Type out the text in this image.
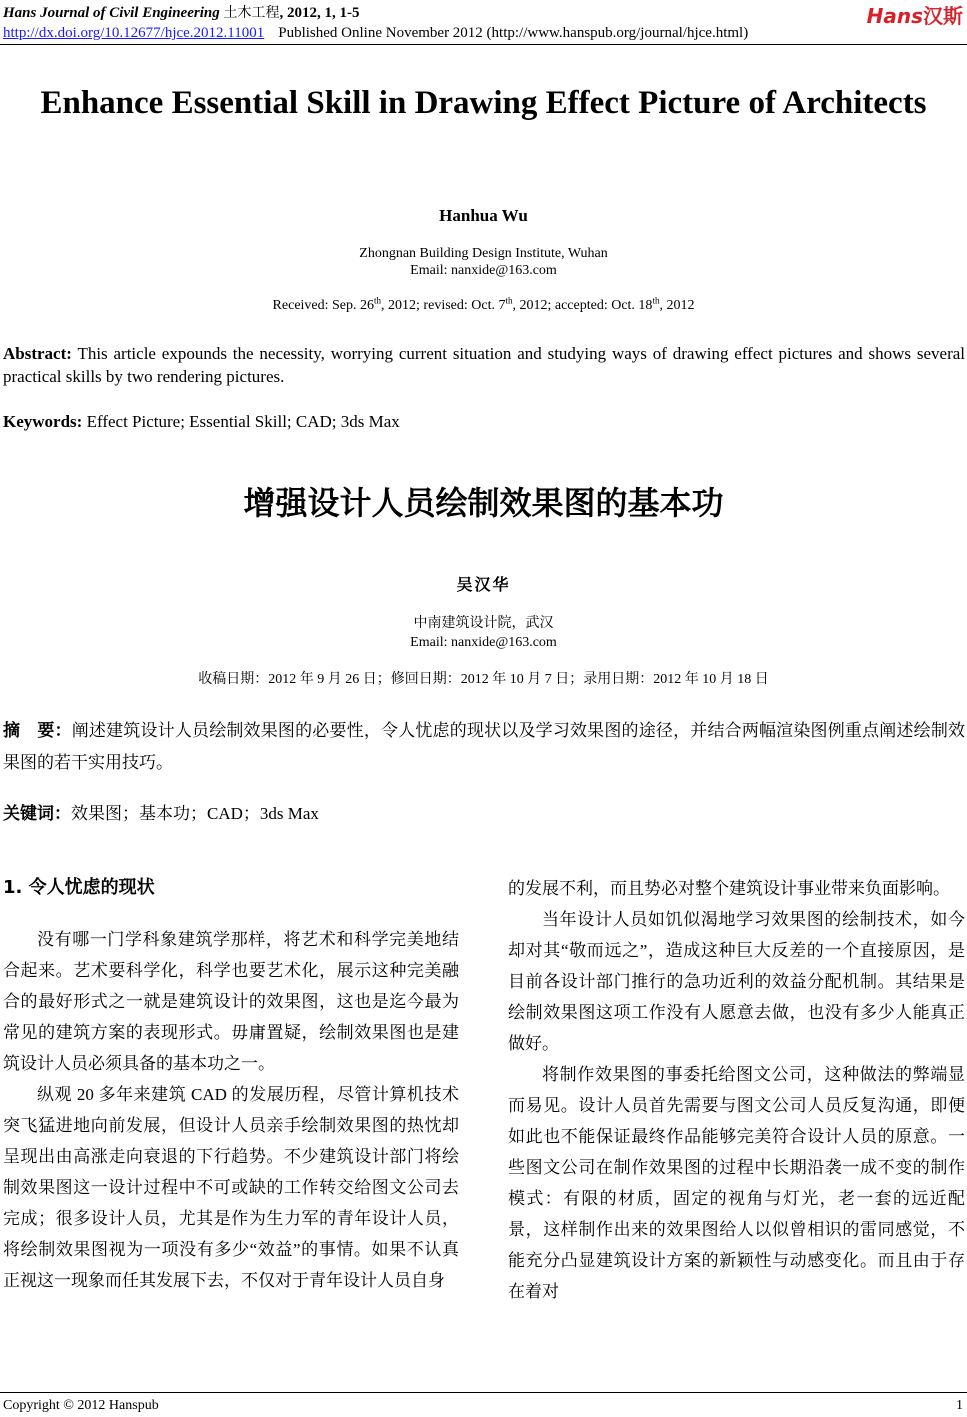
Hans Journal of Civil Engineering 土木工程, 2012, 1, 1-5	Hans汉斯
http://dx.doi.org/10.12677/hjce.2012.11001 Published Online November 2012 (http://www.hanspub.org/journal/hjce.html)
Enhance Essential Skill in Drawing Effect Picture of Architects
Hanhua Wu
Zhongnan Building Design Institute, Wuhan
Email: nanxide@163.com
Received: Sep. 26th, 2012; revised: Oct. 7th, 2012; accepted: Oct. 18th, 2012
Abstract: This article expounds the necessity, worrying current situation and studying ways of drawing effect pictures and shows several practical skills by two rendering pictures.
Keywords: Effect Picture; Essential Skill; CAD; 3ds Max
增强设计人员绘制效果图的基本功
吴汉华
中南建筑设计院，武汉
Email: nanxide@163.com
收稿日期：2012 年 9 月 26 日；修回日期：2012 年 10 月 7 日；录用日期：2012 年 10 月 18 日
摘　要：阐述建筑设计人员绘制效果图的必要性，令人忧虑的现状以及学习效果图的途径，并结合两幅渲染图例重点阐述绘制效果图的若干实用技巧。
关键词：效果图；基本功；CAD；3ds Max
1. 令人忧虑的现状

没有哪一门学科象建筑学那样，将艺术和科学完美地结合起来。艺术要科学化，科学也要艺术化，展示这种完美融合的最好形式之一就是建筑设计的效果图，这也是迄今最为常见的建筑方案的表现形式。毋庸置疑，绘制效果图也是建筑设计人员必须具备的基本功之一。

纵观 20 多年来建筑 CAD 的发展历程，尽管计算机技术突飞猛进地向前发展，但设计人员亲手绘制效果图的热忱却呈现出由高涨走向衰退的下行趋势。不少建筑设计部门将绘制效果图这一设计过程中不可或缺的工作转交给图文公司去完成；很多设计人员，尤其是作为生力军的青年设计人员，将绘制效果图视为一项没有多少“效益”的事情。如果不认真正视这一现象而任其发展下去，不仅对于青年设计人员自身

的发展不利，而且势必对整个建筑设计事业带来负面影响。

当年设计人员如饥似渴地学习效果图的绘制技术，如今却对其“敬而远之”，造成这种巨大反差的一个直接原因，是目前各设计部门推行的急功近利的效益分配机制。其结果是绘制效果图这项工作没有人愿意去做，也没有多少人能真正做好。

将制作效果图的事委托给图文公司，这种做法的弊端显而易见。设计人员首先需要与图文公司人员反复沟通，即便如此也不能保证最终作品能够完美符合设计人员的原意。一些图文公司在制作效果图的过程中长期沿袭一成不变的制作模式：有限的材质，固定的视角与灯光，老一套的远近配景，这样制作出来的效果图给人以似曾相识的雷同感觉，不能充分凸显建筑设计方案的新颖性与动感变化。而且由于存在着对

Copyright © 2012 Hanspub	1
